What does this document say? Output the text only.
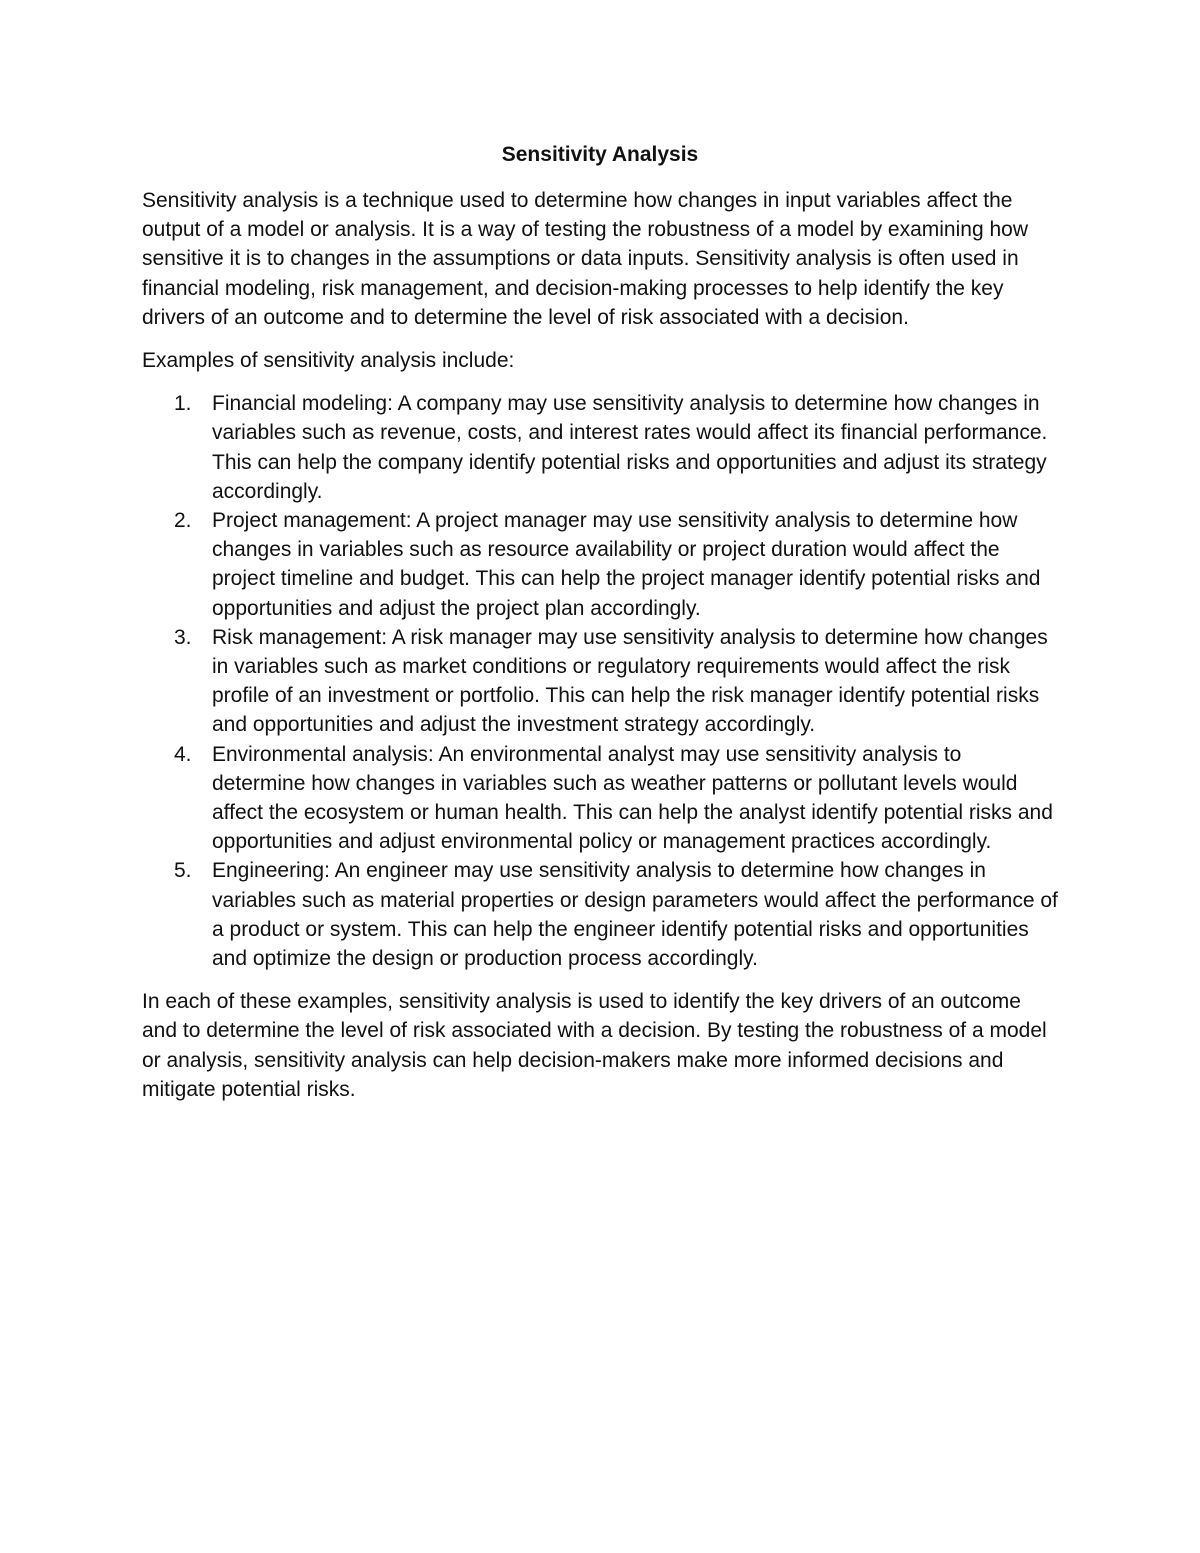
Sensitivity Analysis

Sensitivity analysis is a technique used to determine how changes in input variables affect the output of a model or analysis. It is a way of testing the robustness of a model by examining how sensitive it is to changes in the assumptions or data inputs. Sensitivity analysis is often used in financial modeling, risk management, and decision-making processes to help identify the key drivers of an outcome and to determine the level of risk associated with a decision.

Examples of sensitivity analysis include:

1. Financial modeling: A company may use sensitivity analysis to determine how changes in variables such as revenue, costs, and interest rates would affect its financial performance. This can help the company identify potential risks and opportunities and adjust its strategy accordingly.
2. Project management: A project manager may use sensitivity analysis to determine how changes in variables such as resource availability or project duration would affect the project timeline and budget. This can help the project manager identify potential risks and opportunities and adjust the project plan accordingly.
3. Risk management: A risk manager may use sensitivity analysis to determine how changes in variables such as market conditions or regulatory requirements would affect the risk profile of an investment or portfolio. This can help the risk manager identify potential risks and opportunities and adjust the investment strategy accordingly.
4. Environmental analysis: An environmental analyst may use sensitivity analysis to determine how changes in variables such as weather patterns or pollutant levels would affect the ecosystem or human health. This can help the analyst identify potential risks and opportunities and adjust environmental policy or management practices accordingly.
5. Engineering: An engineer may use sensitivity analysis to determine how changes in variables such as material properties or design parameters would affect the performance of a product or system. This can help the engineer identify potential risks and opportunities and optimize the design or production process accordingly.

In each of these examples, sensitivity analysis is used to identify the key drivers of an outcome and to determine the level of risk associated with a decision. By testing the robustness of a model or analysis, sensitivity analysis can help decision-makers make more informed decisions and mitigate potential risks.
